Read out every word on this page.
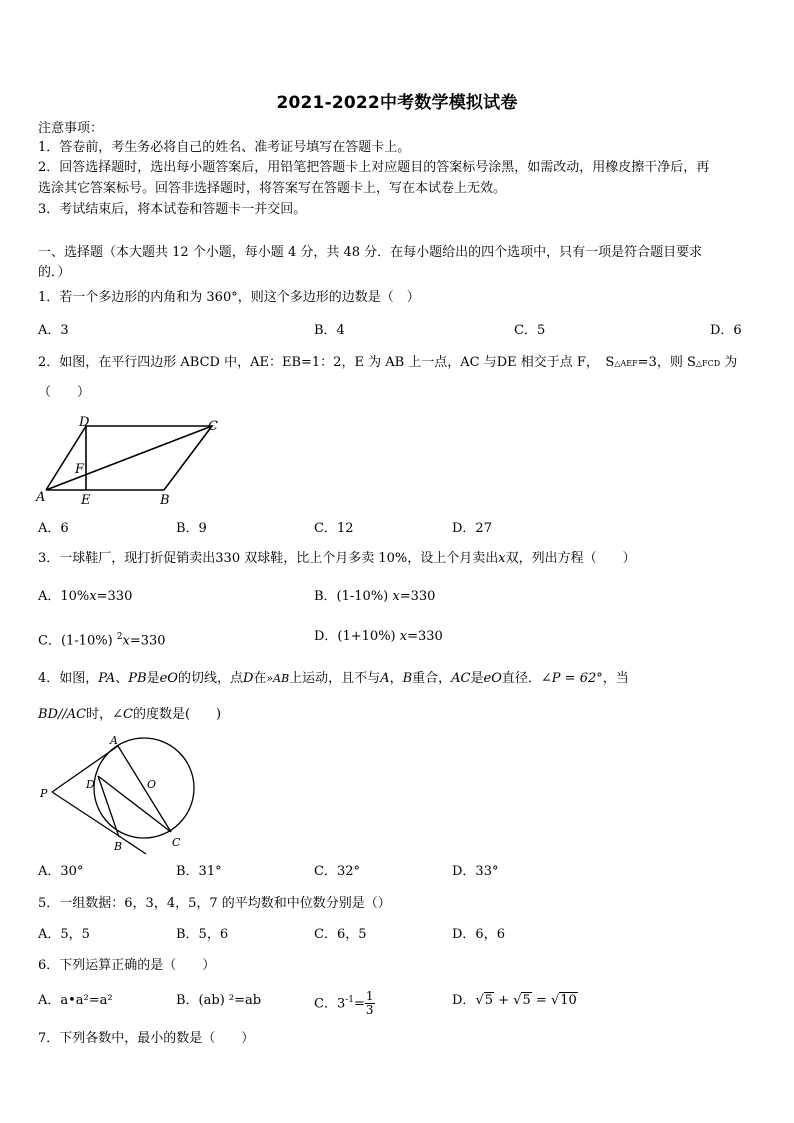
2021-2022中考数学模拟试卷
注意事项：
1．答卷前，考生务必将自己的姓名、准考证号填写在答题卡上。
2．回答选择题时，选出每小题答案后，用铅笔把答题卡上对应题目的答案标号涂黑，如需改动，用橡皮擦干净后，再
选涂其它答案标号。回答非选择题时，将答案写在答题卡上，写在本试卷上无效。
3．考试结束后，将本试卷和答题卡一并交回。
一、选择题（本大题共 12 个小题，每小题 4 分，共 48 分．在每小题给出的四个选项中，只有一项是符合题目要求
的．）
1．若一个多边形的内角和为 360°，则这个多边形的边数是（　）
A．3	B．4	C．5	D．6
2．如图，在平行四边形 ABCD 中，AE：EB=1：2，E 为 AB 上一点，AC 与DE 相交于点 F，　S△AEF=3，则 S△FCD 为
（　　）
A	B
C
D
E
F
A．6	B．9	C．12	D．27
3．一球鞋厂，现打折促销卖出330 双球鞋，比上个月多卖 10%，设上个月卖出x双，列出方程（　　）
A．10%x=330	B．(1-10%) x=330
C．(1-10%) $^2$x=330	D．(1+10%) x=330
4．如图，PA、PB是eO的切线，点D在»AB上运动，且不与A，B重合，AC是eO直径．∠P = 62°，当
BD//AC时，∠C的度数是(　　)
A
B	C
D	O
P
A．30°	B．31°	C．32°	D．33°
5．一组数据：6，3，4，5，7 的平均数和中位数分别是（）
A．5，5	B．5，6	C．6，5	D．6，6
6．下列运算正确的是（　　）
A．a•a²=a²	B．(ab) ²=ab	C．$3^{-1}= \frac{1}{3}$	D．√5 + √5 = √10
7．下列各数中，最小的数是（　　）
